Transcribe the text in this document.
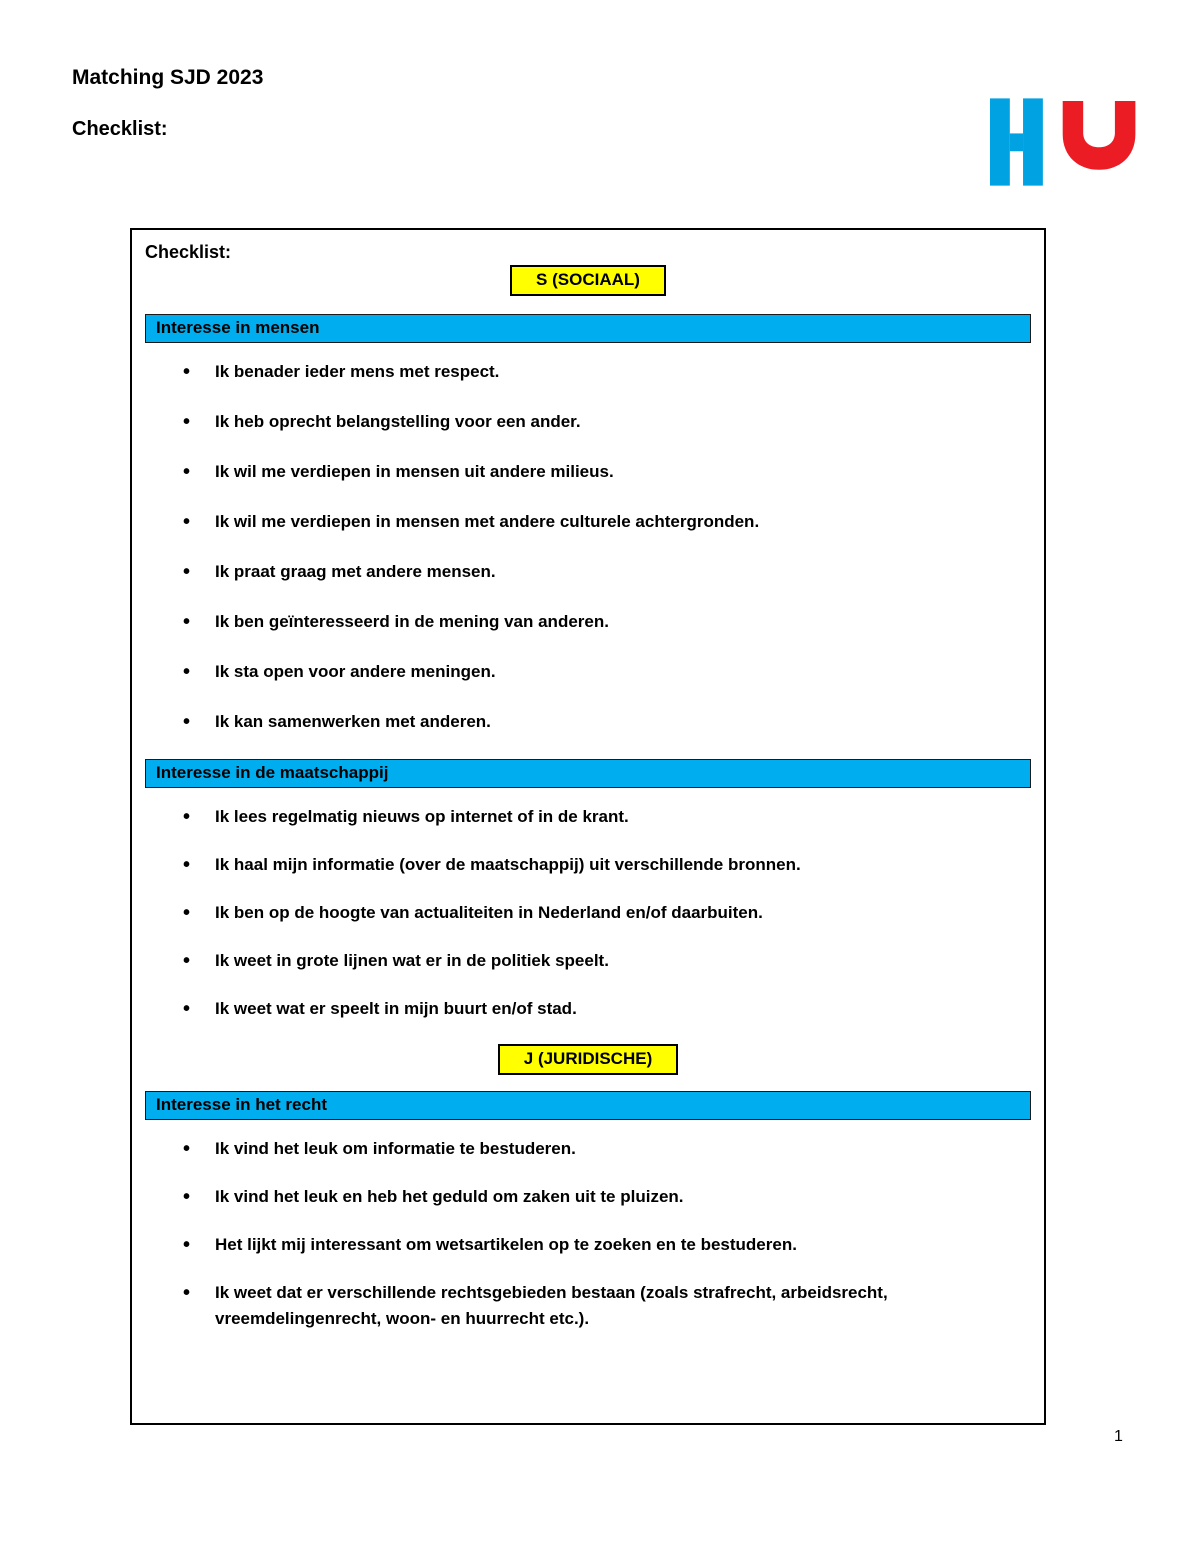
Matching SJD 2023
Checklist:
Checklist:
S (SOCIAAL)
Interesse in mensen
• Ik benader ieder mens met respect.
• Ik heb oprecht belangstelling voor een ander.
• Ik wil me verdiepen in mensen uit andere milieus.
• Ik wil me verdiepen in mensen met andere culturele achtergronden.
• Ik praat graag met andere mensen.
• Ik ben geïnteresseerd in de mening van anderen.
• Ik sta open voor andere meningen.
• Ik kan samenwerken met anderen.
Interesse in de maatschappij
• Ik lees regelmatig nieuws op internet of in de krant.
• Ik haal mijn informatie (over de maatschappij) uit verschillende bronnen.
• Ik ben op de hoogte van actualiteiten in Nederland en/of daarbuiten.
• Ik weet in grote lijnen wat er in de politiek speelt.
• Ik weet wat er speelt in mijn buurt en/of stad.
J (JURIDISCHE)
Interesse in het recht
• Ik vind het leuk om informatie te bestuderen.
• Ik vind het leuk en heb het geduld om zaken uit te pluizen.
• Het lijkt mij interessant om wetsartikelen op te zoeken en te bestuderen.
• Ik weet dat er verschillende rechtsgebieden bestaan (zoals strafrecht, arbeidsrecht, vreemdelingenrecht, woon- en huurrecht etc.).
1
